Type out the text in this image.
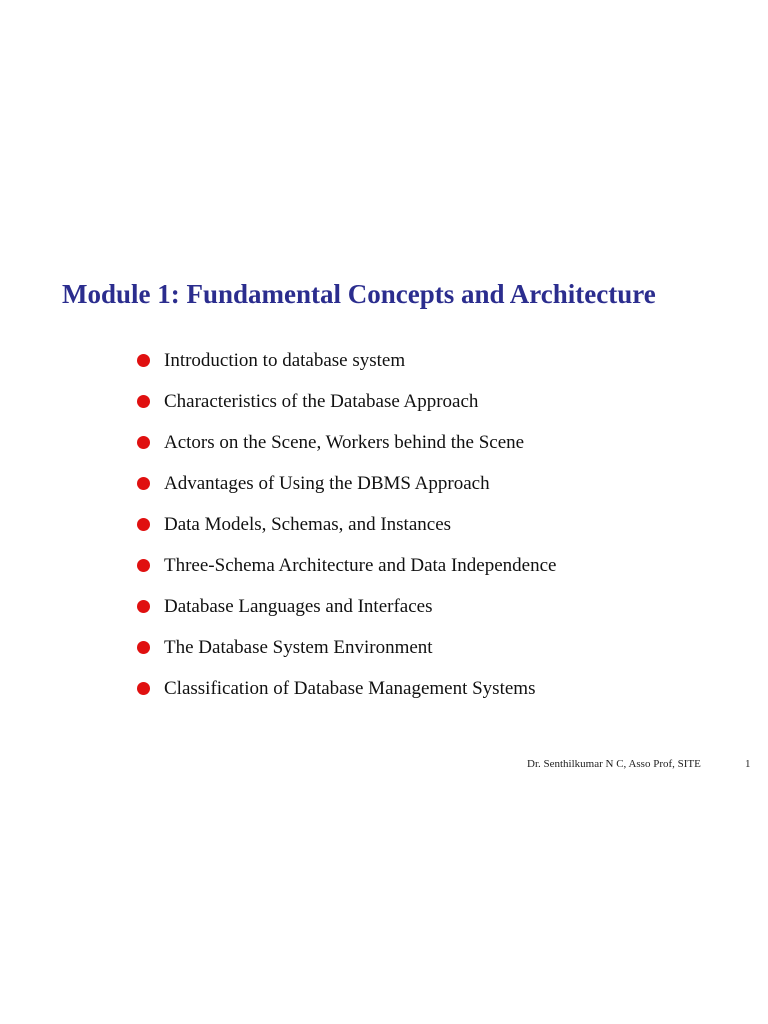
Module 1: Fundamental Concepts and Architecture
Introduction to database system
Characteristics of the Database Approach
Actors on the Scene, Workers behind the Scene
Advantages of Using the DBMS Approach
Data Models, Schemas, and Instances
Three-Schema Architecture and Data Independence
Database Languages and Interfaces
The Database System Environment
Classification of Database Management Systems
Dr. Senthilkumar N C, Asso Prof, SITE	1
